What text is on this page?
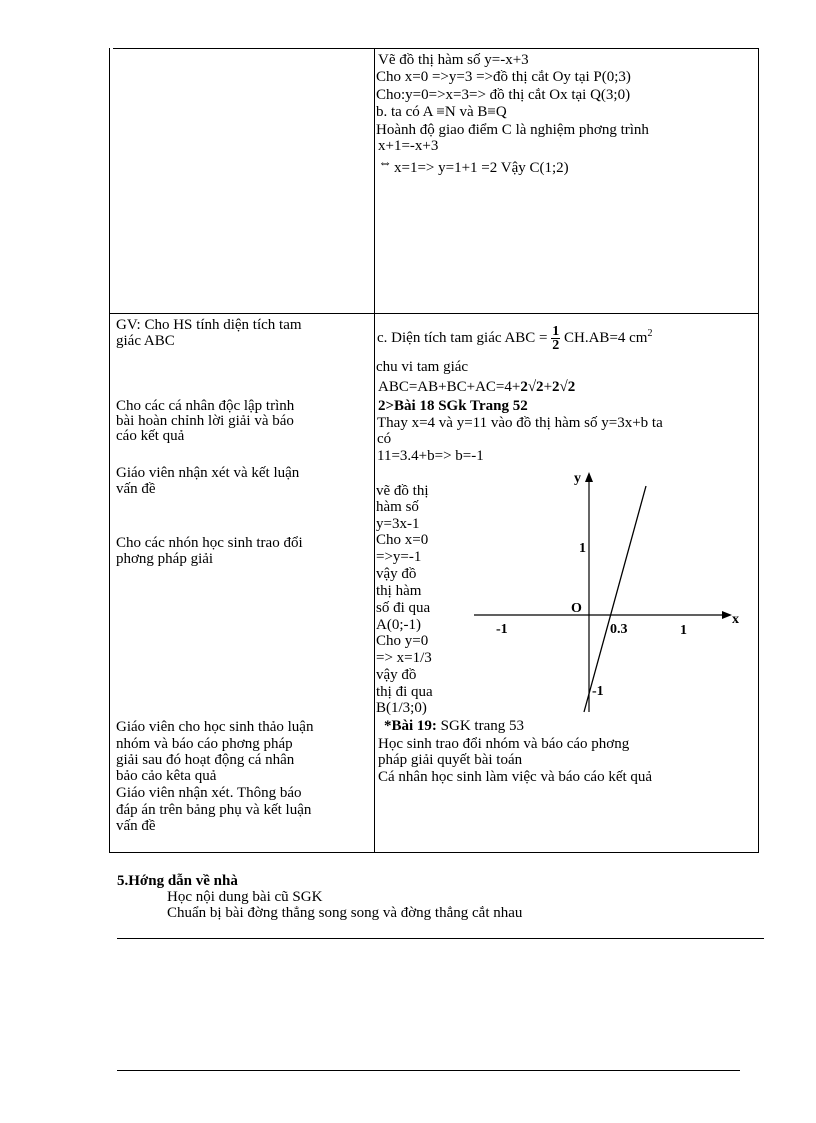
Vẽ đồ thị hàm số y=-x+3
Cho x=0 =>y=3 =>đồ thị cắt Oy tại P(0;3)
Cho:y=0=>x=3=> đồ thị cắt Ox tại Q(3;0)
b. ta có A ≡N và B≡Q
Hoành độ giao điểm C là nghiệm phơng trình
x+1=-x+3
⇔ x=1=> y=1+1 =2 Vậy C(1;2)
GV: Cho HS tính diện tích tam
giác ABC
Cho các cá nhân độc lập trình
bài hoàn chỉnh lời giải và báo
cáo kết quả
Giáo viên nhận xét và kết luận
vấn đề
Cho các nhón học sinh trao đổi
phơng pháp giải
Giáo viên cho học sinh thảo luận
nhóm và báo cáo phơng pháp
giải sau đó hoạt động cá nhân
bảo cảo kêta quả
Giáo viên nhận xét. Thông báo
đáp án trên bảng phụ và kết luận
vấn đề
c. Diện tích tam giác ABC = $\frac{1}{2} CH.AB=4$ $cm^2$
chu vi tam giác
ABC=AB+BC+AC=4+2√2+2√2
2>Bài 18 SGk Trang 52
Thay x=4 và y=11 vào đồ thị hàm số y=3x+b ta
có
11=3.4+b=> b=-1
vẽ đồ thị
hàm số
y=3x-1
Cho x=0
=>y=-1
vậy đồ
thị hàm
số đi qua
A(0;-1)
Cho y=0
=> x=1/3
vậy đồ
thị đi qua
B(1/3;0)
*Bài 19: SGK trang 53
Học sinh trao đổi nhóm và báo cáo phơng
pháp giải quyết bài toán
Cá nhân học sinh làm việc và báo cáo kết quả
y
x
O
1
-1
-1	0.3	1
5.Hớng dẫn về nhà
Học nội dung bài cũ SGK
Chuẩn bị bài đờng thẳng song song và đờng thẳng cắt nhau
